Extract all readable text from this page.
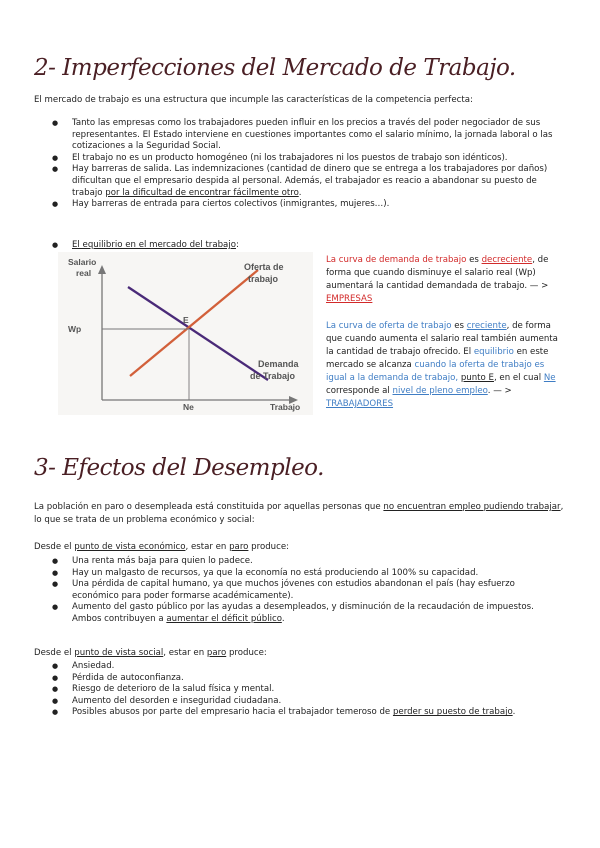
2- Imperfecciones del Mercado de Trabajo.
El mercado de trabajo es una estructura que incumple las características de la competencia perfecta:
● Tanto las empresas como los trabajadores pueden influir en los precios a través del poder negociador de sus representantes. El Estado interviene en cuestiones importantes como el salario mínimo, la jornada laboral o las cotizaciones a la Seguridad Social.
● El trabajo no es un producto homogéneo (ni los trabajadores ni los puestos de trabajo son idénticos).
● Hay barreras de salida. Las indemnizaciones (cantidad de dinero que se entrega a los trabajadores por daños) dificultan que el empresario despida al personal. Además, el trabajador es reacio a abandonar su puesto de trabajo por la dificultad de encontrar fácilmente otro.
● Hay barreras de entrada para ciertos colectivos (inmigrantes, mujeres…).
● El equilibrio en el mercado del trabajo:
Salario
real
Wp
E
Ne	Trabajo
Oferta de
trabajo
Demanda
de Trabajo
La curva de demanda de trabajo es decreciente, de forma que cuando disminuye el salario real (Wp) aumentará la cantidad demandada de trabajo. — > EMPRESAS
La curva de oferta de trabajo es creciente, de forma que cuando aumenta el salario real también aumenta la cantidad de trabajo ofrecido. El equilibrio en este mercado se alcanza cuando la oferta de trabajo es igual a la demanda de trabajo, punto E, en el cual Ne corresponde al nivel de pleno empleo. — > TRABAJADORES
3- Efectos del Desempleo.
La población en paro o desempleada está constituida por aquellas personas que no encuentran empleo pudiendo trabajar, lo que se trata de un problema económico y social:
Desde el punto de vista económico, estar en paro produce:
● Una renta más baja para quien lo padece.
● Hay un malgasto de recursos, ya que la economía no está produciendo al 100% su capacidad.
● Una pérdida de capital humano, ya que muchos jóvenes con estudios abandonan el país (hay esfuerzo económico para poder formarse académicamente).
● Aumento del gasto público por las ayudas a desempleados, y disminución de la recaudación de impuestos. Ambos contribuyen a aumentar el déficit público.
Desde el punto de vista social, estar en paro produce:
● Ansiedad.
● Pérdida de autoconfianza.
● Riesgo de deterioro de la salud física y mental.
● Aumento del desorden e inseguridad ciudadana.
● Posibles abusos por parte del empresario hacia el trabajador temeroso de perder su puesto de trabajo.
